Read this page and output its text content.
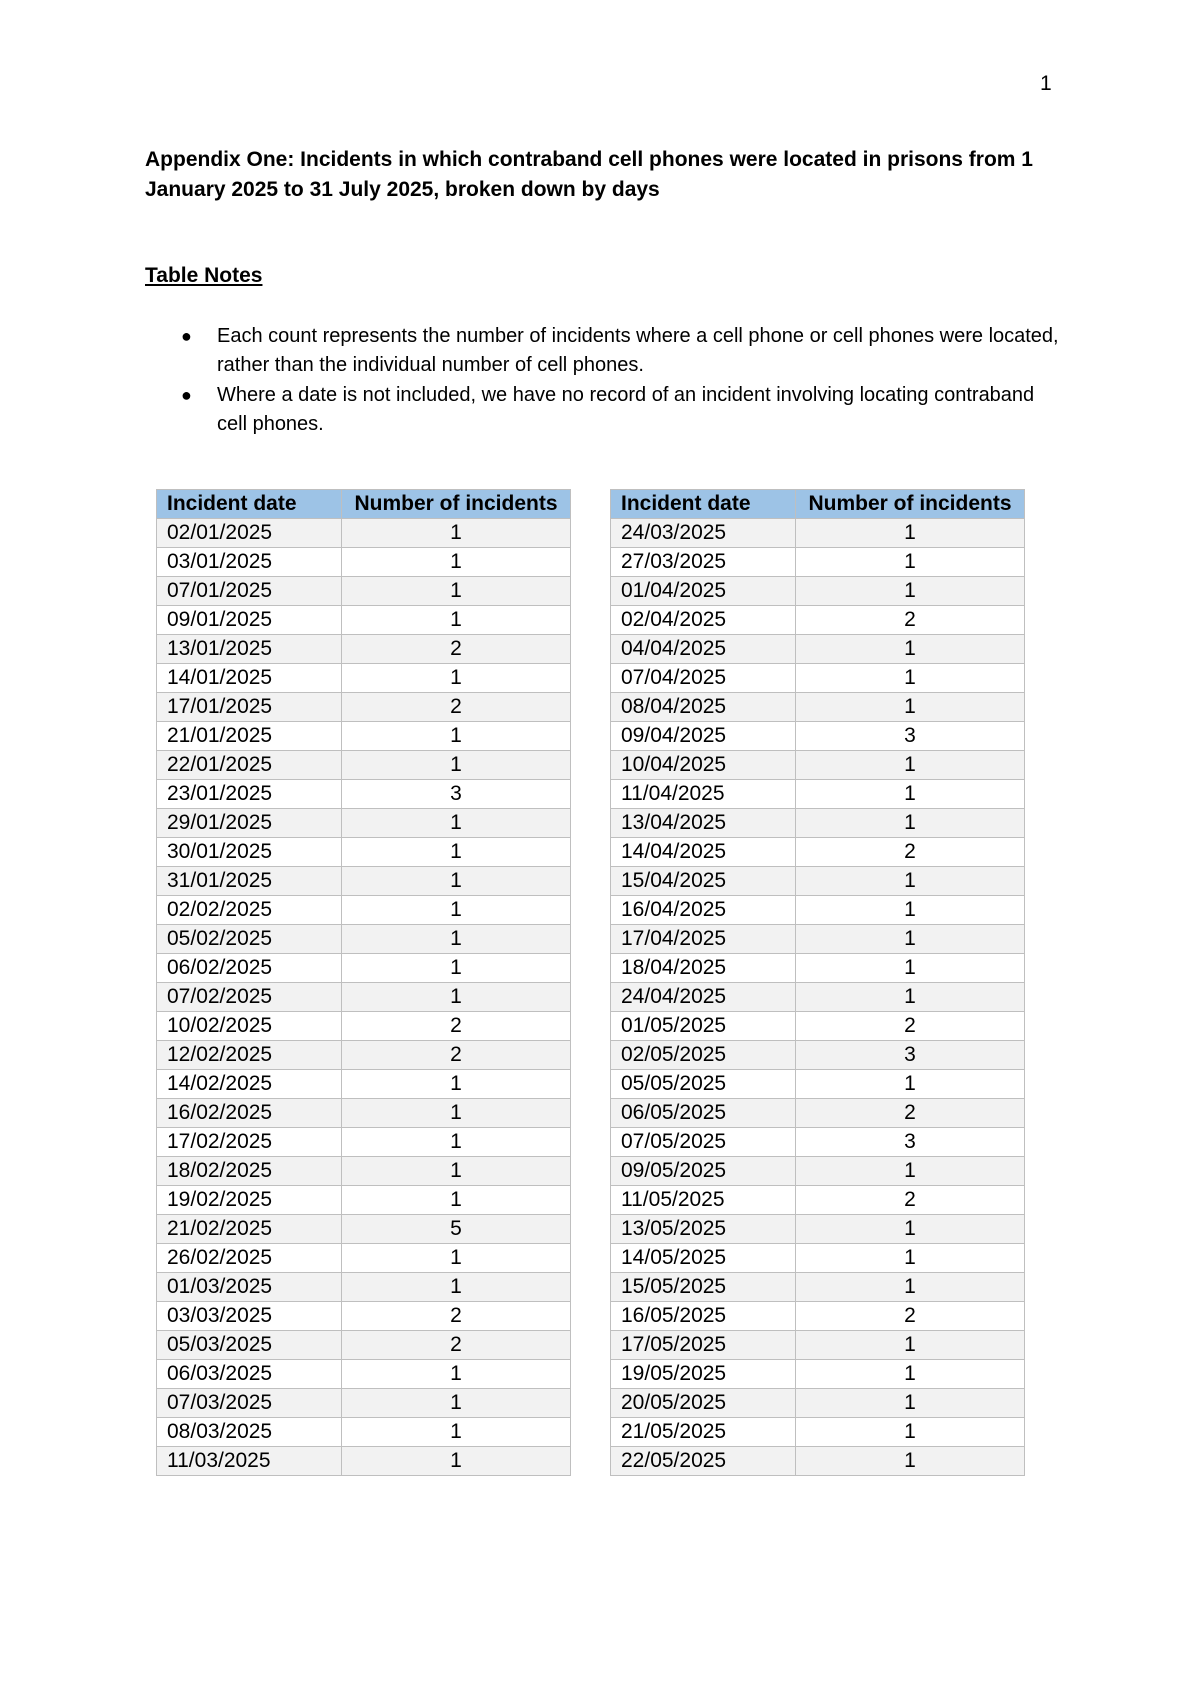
1

Appendix One: Incidents in which contraband cell phones were located in prisons from 1 January 2025 to 31 July 2025, broken down by days

Table Notes

● Each count represents the number of incidents where a cell phone or cell phones were located, rather than the individual number of cell phones.
● Where a date is not included, we have no record of an incident involving locating contraband cell phones.
Incident date	Number of incidents
02/01/2025	1
03/01/2025	1
07/01/2025	1
09/01/2025	1
13/01/2025	2
14/01/2025	1
17/01/2025	2
21/01/2025	1
22/01/2025	1
23/01/2025	3
29/01/2025	1
30/01/2025	1
31/01/2025	1
02/02/2025	1
05/02/2025	1
06/02/2025	1
07/02/2025	1
10/02/2025	2
12/02/2025	2
14/02/2025	1
16/02/2025	1
17/02/2025	1
18/02/2025	1
19/02/2025	1
21/02/2025	5
26/02/2025	1
01/03/2025	1
03/03/2025	2
05/03/2025	2
06/03/2025	1
07/03/2025	1
08/03/2025	1
11/03/2025	1
Incident date	Number of incidents
24/03/2025	1
27/03/2025	1
01/04/2025	1
02/04/2025	2
04/04/2025	1
07/04/2025	1
08/04/2025	1
09/04/2025	3
10/04/2025	1
11/04/2025	1
13/04/2025	1
14/04/2025	2
15/04/2025	1
16/04/2025	1
17/04/2025	1
18/04/2025	1
24/04/2025	1
01/05/2025	2
02/05/2025	3
05/05/2025	1
06/05/2025	2
07/05/2025	3
09/05/2025	1
11/05/2025	2
13/05/2025	1
14/05/2025	1
15/05/2025	1
16/05/2025	2
17/05/2025	1
19/05/2025	1
20/05/2025	1
21/05/2025	1
22/05/2025	1
